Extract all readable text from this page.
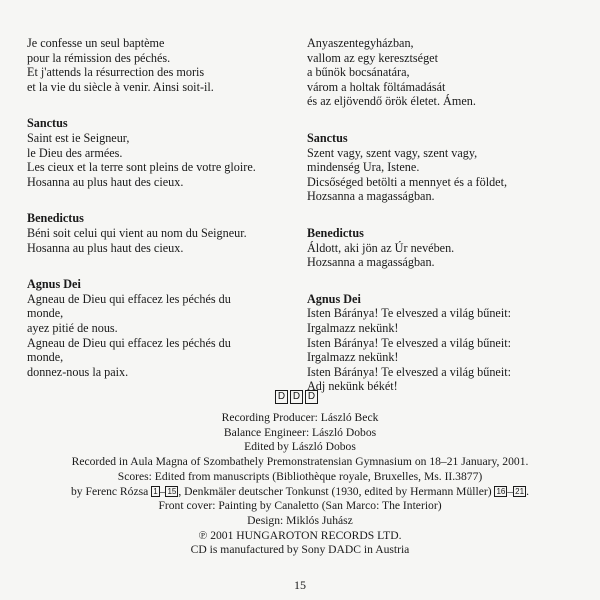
Je confesse un seul baptème
pour la rémission des péchés.
Et j'attends la résurrection des moris
et la vie du siècle à venir. Ainsi soit-il.
Sanctus
Saint est ie Seigneur,
le Dieu des armées.
Les cieux et la terre sont pleins de votre gloire.
Hosanna au plus haut des cieux.
Benedictus
Béni soit celui qui vient au nom du Seigneur.
Hosanna au plus haut des cieux.
Agnus Dei
Agneau de Dieu qui effacez les péchés du
monde,
ayez pitié de nous.
Agneau de Dieu qui effacez les péchés du
monde,
donnez-nous la paix.
Anyaszentegyházban,
vallom az egy keresztséget
a bűnök bocsánatára,
várom a holtak föltámadását
és az eljövendő örök életet. Ámen.
Sanctus
Szent vagy, szent vagy, szent vagy,
mindenség Ura, Istene.
Dicsőséged betölti a mennyet és a földet,
Hozsanna a magasságban.
Benedictus
Áldott, aki jön az Úr nevében.
Hozsanna a magasságban.
Agnus Dei
Isten Báránya! Te elveszed a világ bűneit:
Irgalmazz nekünk!
Isten Báránya! Te elveszed a világ bűneit:
Irgalmazz nekünk!
Isten Báránya! Te elveszed a világ bűneit:
Adj nekünk békét!
D D D
Recording Producer: László Beck
Balance Engineer: László Dobos
Edited by László Dobos
Recorded in Aula Magna of Szombathely Premonstratensian Gymnasium on 18–21 January, 2001.
Scores: Edited from manuscripts (Bibliothèque royale, Bruxelles, Ms. II.3877)
by Ferenc Rózsa 1 – 15 , Denkmäler deutscher Tonkunst (1930, edited by Hermann Müller) 16 – 21 .
Front cover: Painting by Canaletto (San Marco: The Interior)
Design: Miklós Juhász
℗ 2001 HUNGAROTON RECORDS LTD.
CD is manufactured by Sony DADC in Austria
15
